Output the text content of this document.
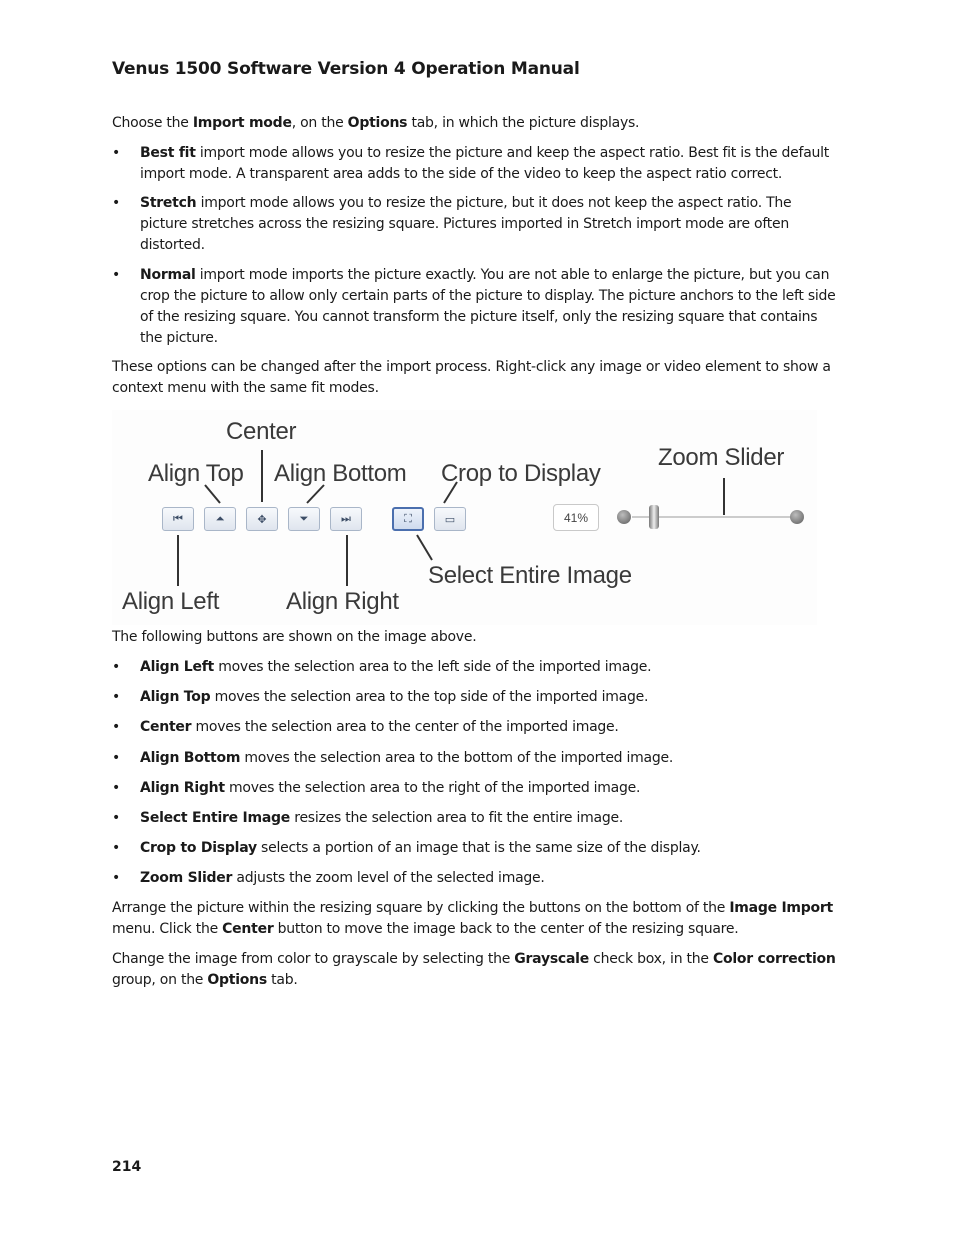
Venus 1500 Software Version 4 Operation Manual

Choose the Import mode, on the Options tab, in which the picture displays.

• Best fit import mode allows you to resize the picture and keep the aspect ratio. Best fit is the default import mode. A transparent area adds to the side of the video to keep the aspect ratio correct.
• Stretch import mode allows you to resize the picture, but it does not keep the aspect ratio. The picture stretches across the resizing square. Pictures imported in Stretch import mode are often distorted.
• Normal import mode imports the picture exactly. You are not able to enlarge the picture, but you can crop the picture to allow only certain parts of the picture to display. The picture anchors to the left side of the resizing square. You cannot transform the picture itself, only the resizing square that contains the picture.

These options can be changed after the import process. Right-click any image or video element to show a context menu with the same fit modes.

Center
Align Top Align Bottom Crop to Display
Zoom Slider
Select Entire Image
Align Left	Align Right
⏮	⏶	✥	⏷	⏭	⛶	▭	41%

The following buttons are shown on the image above.

• Align Left moves the selection area to the left side of the imported image.
• Align Top moves the selection area to the top side of the imported image.
• Center moves the selection area to the center of the imported image.
• Align Bottom moves the selection area to the bottom of the imported image.
• Align Right moves the selection area to the right of the imported image.
• Select Entire Image resizes the selection area to fit the entire image.
• Crop to Display selects a portion of an image that is the same size of the display.
• Zoom Slider adjusts the zoom level of the selected image.

Arrange the picture within the resizing square by clicking the buttons on the bottom of the Image Import menu. Click the Center button to move the image back to the center of the resizing square.

Change the image from color to grayscale by selecting the Grayscale check box, in the Color correction group, on the Options tab.

214
